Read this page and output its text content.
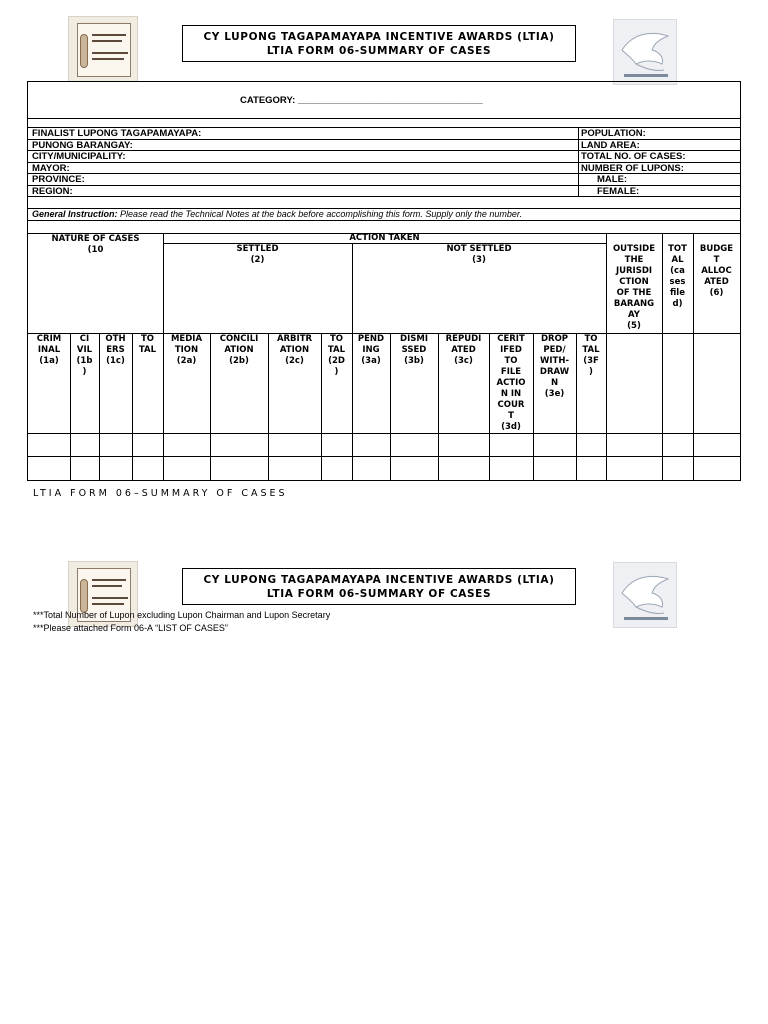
CY LUPONG TAGAPAMAYAPA INCENTIVE AWARDS (LTIA)
LTIA FORM 06-SUMMARY OF CASES
CATEGORY: ___________________________________
FINALIST LUPONG TAGAPAMAYAPA:
PUNONG BARANGAY:
CITY/MUNICIPALITY:
MAYOR:
PROVINCE:
REGION:
POPULATION:
LAND AREA:
TOTAL NO. OF CASES:
NUMBER OF LUPONS:
MALE:
FEMALE:
General Instruction: Please read the Technical Notes at the back before accomplishing this form. Supply only the number.
NATURE OF CASES
(10
ACTION TAKEN
SETTLED
(2)
NOT SETTLED
(3)
OUTSIDE
THE
JURISDI
CTION
OF THE
BARANG
AY
(5)
TOT
AL
(ca
ses
file
d)
BUDGE
T
ALLOC
ATED
(6)
CRIM
INAL
(1a)
CI
VIL
(1b
)
OTH
ERS
(1c)
TO
TAL
MEDIA
TION
(2a)
CONCILI
ATION
(2b)
ARBITR
ATION
(2c)
TO
TAL
(2D
)
PEND
ING
(3a)
DISMI
SSED
(3b)
REPUDI
ATED
(3c)
CERIT
IFED
TO
FILE
ACTIO
N IN
COUR
T
(3d)
DROP
PED/
WITH-
DRAW
N
(3e)
TO
TAL
(3F
)
LTIA FORM 06–SUMMARY OF CASES
CY LUPONG TAGAPAMAYAPA INCENTIVE AWARDS (LTIA)
LTIA FORM 06-SUMMARY OF CASES
***Total Number of Lupon excluding Lupon Chairman and Lupon Secretary
***Please attached Form 06-A “LIST OF CASES”
